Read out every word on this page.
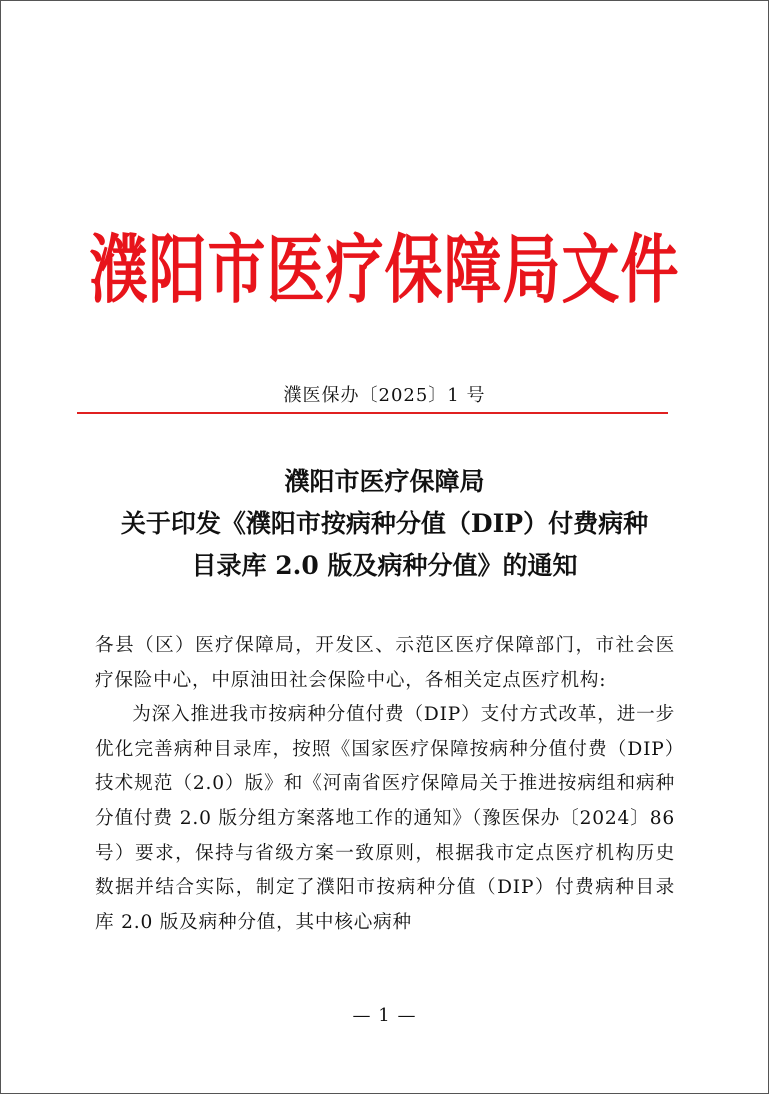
濮阳市医疗保障局文件
濮医保办〔2025〕1 号
濮阳市医疗保障局
关于印发《濮阳市按病种分值（DIP）付费病种
目录库 2.0 版及病种分值》的通知

各县（区）医疗保障局，开发区、示范区医疗保障部门，市社会医疗保险中心，中原油田社会保险中心，各相关定点医疗机构:

为深入推进我市按病种分值付费（DIP）支付方式改革，进一步优化完善病种目录库，按照《国家医疗保障按病种分值付费（DIP）技术规范（2.0）版》和《河南省医疗保障局关于推进按病组和病种分值付费 2.0 版分组方案落地工作的通知》（豫医保办〔2024〕86 号）要求，保持与省级方案一致原则，根据我市定点医疗机构历史数据并结合实际，制定了濮阳市按病种分值（DIP）付费病种目录库 2.0 版及病种分值，其中核心病种

— 1 —
